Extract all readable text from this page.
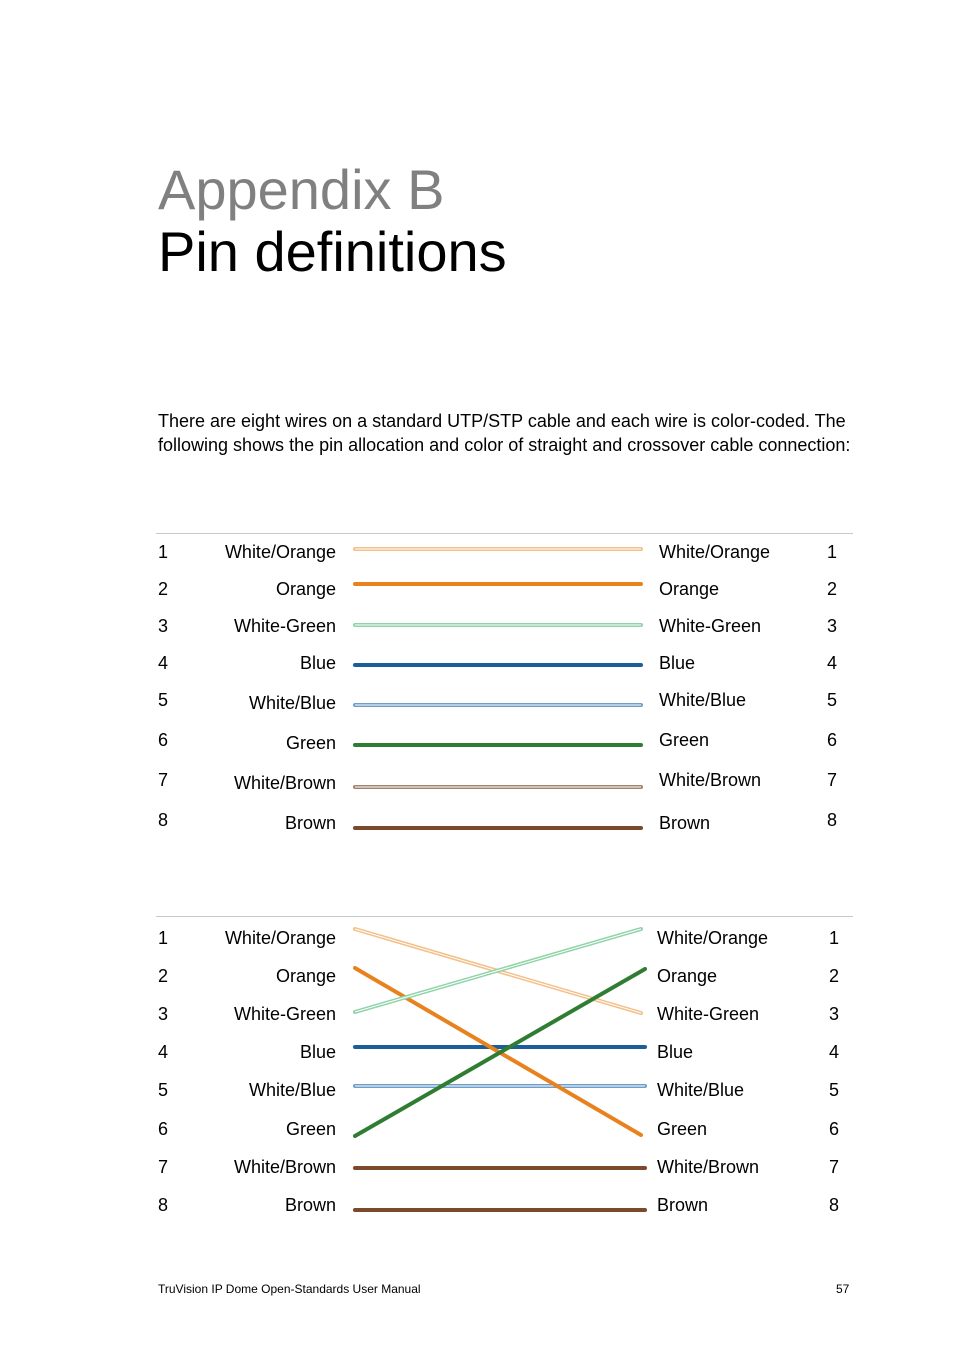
Appendix B
Pin definitions

There are eight wires on a standard UTP/STP cable and each wire is color-coded. The following shows the pin allocation and color of straight and crossover cable connection:

1	White/Orange	White/Orange	1
2	Orange	Orange	2
3	White-Green	White-Green	3
4	Blue	Blue	4
5	White/Blue	White/Blue	5
6	Green	Green	6
7	White/Brown	White/Brown	7
8	Brown	Brown	8
1	White/Orange	White/Orange	1
2	Orange	Orange	2
3	White-Green	White-Green	3
4	Blue	Blue	4
5	White/Blue	White/Blue	5
6	Green	Green	6
7	White/Brown	White/Brown	7
8	Brown	Brown	8
TruVision IP Dome Open-Standards User Manual	57
